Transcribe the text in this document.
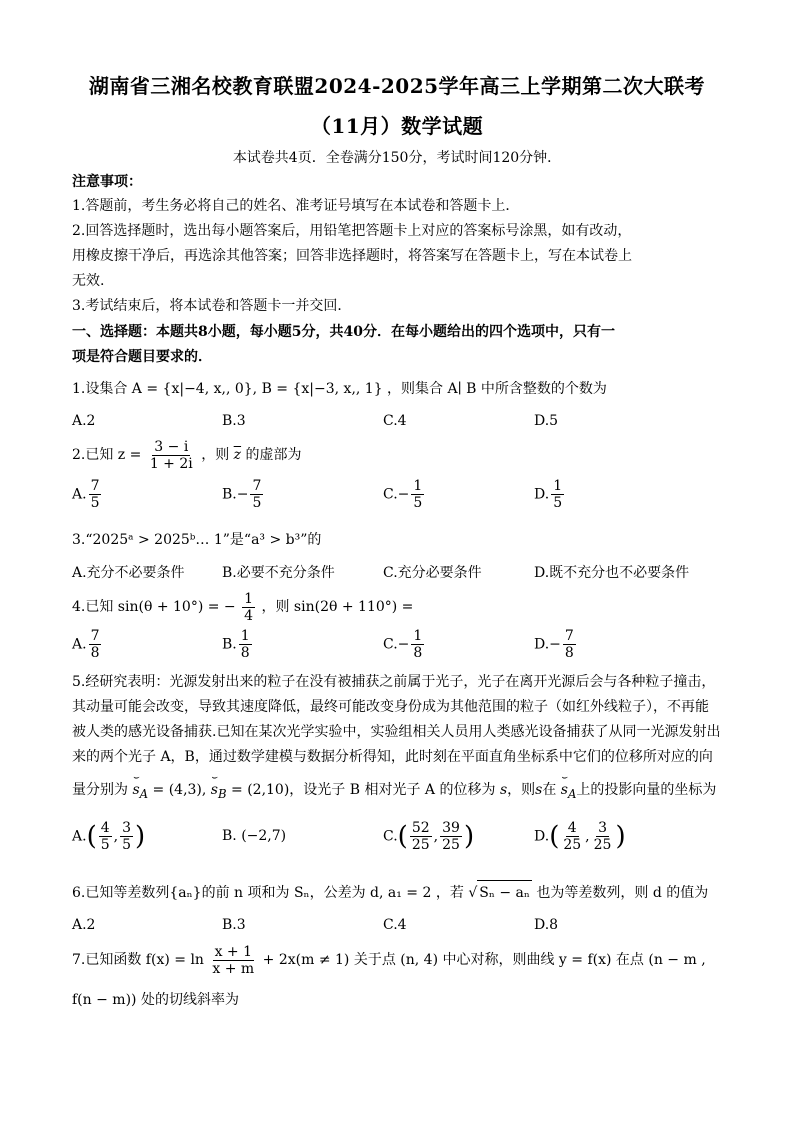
湖南省三湘名校教育联盟2024-2025学年高三上学期第二次大联考
（11月）数学试题
本试卷共4页．全卷满分150分，考试时间120分钟．
注意事项：
1.答题前，考生务必将自己的姓名、准考证号填写在本试卷和答题卡上．
2.回答选择题时，选出每小题答案后，用铅笔把答题卡上对应的答案标号涂黑，如有改动，
用橡皮擦干净后，再选涂其他答案；回答非选择题时，将答案写在答题卡上，写在本试卷上
无效.
3.考试结束后，将本试卷和答题卡一并交回．
一、选择题：本题共8小题，每小题5分，共40分．在每小题给出的四个选项中，只有一
项是符合题目要求的．
1.设集合 A = {x|−4, x,, 0}, B = {x|−3, x,, 1} ，则集合 A∣ B 中所含整数的个数为
A.2	B.3	C.4	D.5
2.已知 $z = \frac{3 - i}{1 + 2i}$ ，则 $\overline{z}$ 的虚部为
A. $\frac{7}{5}$	$B.- \frac{7}{5}$	$C.- \frac{1}{5}$	D. $\frac{1}{5}$
3.“2025ᵃ > 2025ᵇ… 1”是“a³ > b³”的
A.充分不必要条件	B.必要不充分条件	C.充分必要条件	D.既不充分也不必要条件
4.已知 sin(θ + 10°) = − $\frac{1}{4}$ ，则 sin(2θ + 110°) =
A. $\frac{7}{8}$	B. $\frac{1}{8}$	$C.- \frac{1}{8}$	$D.- \frac{7}{8}$
5.经研究表明：光源发射出来的粒子在没有被捕获之前属于光子，光子在离开光源后会与各种粒子撞击，
其动量可能会改变，导致其速度降低，最终可能改变身份成为其他范围的粒子（如红外线粒子），不再能
被人类的感光设备捕获.已知在某次光学实验中，实验组相关人员用人类感光设备捕获了从同一光源发射出
来的两个光子 A，B，通过数学建模与数据分析得知，此时刻在平面直角坐标系中它们的位移所对应的向
量分别为 ⌣ $s_A = (4,3)$, ⌣ $s_B = (2,10)$，设光子 B 相对光子 A 的位移为 s，则s在 ⌣ $s_A$上的投影向量的坐标为
$A.( \frac{4}{5}$ , $\frac{3}{5}$ )	B. (−2,7)	$C.( \frac{52}{25}$ , $\frac{39}{25}$ )	$D.( \frac{4}{25}$ , $\frac{3}{25}$ )
6.已知等差数列{aₙ}的前 n 项和为 Sₙ，公差为 d, a₁ = 2 ，若 √ Sₙ − aₙ 也为等差数列，则 d 的值为
A.2	B.3	C.4	D.8
7.已知函数 $f(x) = \ln \frac{x + 1}{x + m} + 2x(m \ne 1)$ 关于点 (n, 4) 中心对称，则曲线 y = f(x) 在点 (n − m ,
f(n − m)) 处的切线斜率为
